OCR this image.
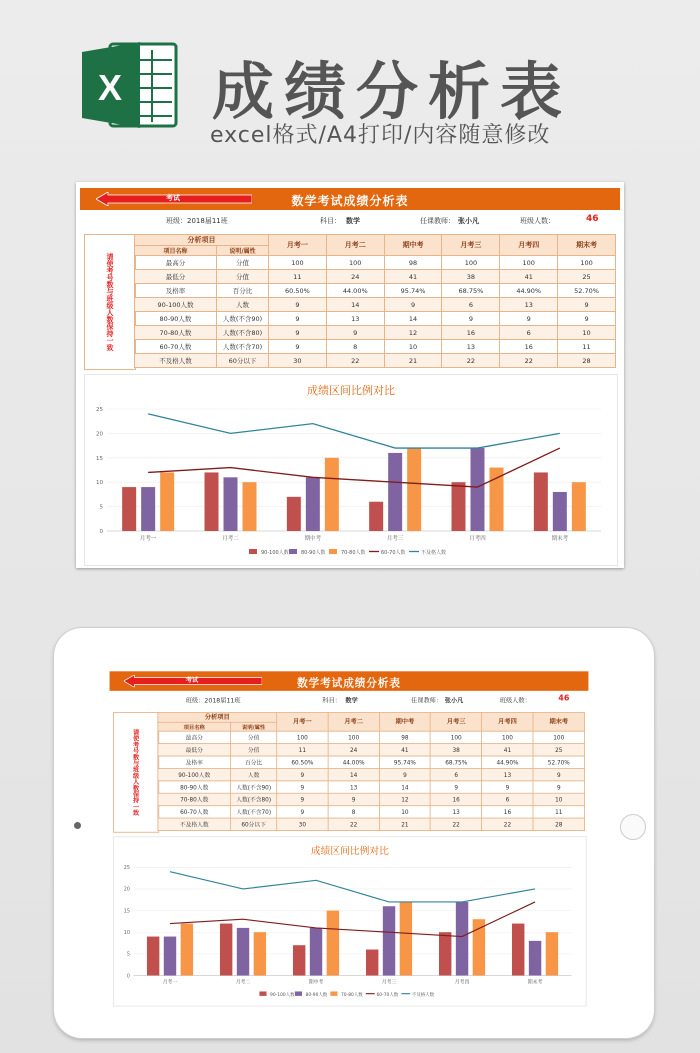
X 成绩分析表
excel格式/A4打印/内容随意修改
考试	数学考试成绩分析表
班级：2018届11班	科目： 数学	任课教师： 张小凡	班级人数：	46
请使考号数与班级人数保持一致
分析项目		月考一	月考二	期中考	月考三	月考四	期末考
项目名称	说明/属性						
最高分	分值	100	100	98	100	100	100
最低分	分值	11	24	41	38	41	25
及格率	百分比	60.50%	44.00%	95.74%	68.75%	44.90%	52.70%
90-100人数	人数	9	14	9	6	13	9
80-90人数	人数(不含90)	9	13	14	9	9	9
70-80人数	人数(不含80)	9	9	12	16	6	10
60-70人数	人数(不含70)	9	8	10	13	16	11
不及格人数	60分以下	30	22	21	22	22	28
成绩区间比例对比
0
5
10
15
20
25
月考一	月考二	期中考	月考三	月考四	期末考
90-100人数 80-90人数	70-80人数	60-70人数	不及格人数
考试	数学考试成绩分析表
班级：2018届11班	科目： 数学	任课教师： 张小凡	班级人数：	46
请使考号数与班级人数保持一致
分析项目		月考一	月考二	期中考	月考三	月考四	期末考
项目名称	说明/属性						
最高分	分值	100	100	98	100	100	100
最低分	分值	11	24	41	38	41	25
及格率	百分比	60.50%	44.00%	95.74%	68.75%	44.90%	52.70%
90-100人数	人数	9	14	9	6	13	9
80-90人数	人数(不含90)	9	13	14	9	9	9
70-80人数	人数(不含80)	9	9	12	16	6	10
60-70人数	人数(不含70)	9	8	10	13	16	11
不及格人数	60分以下	30	22	21	22	22	28
成绩区间比例对比
0
5
10
15
20
25
月考一	月考二	期中考	月考三	月考四	期末考
90-100人数 80-90人数	70-80人数	60-70人数	不及格人数
